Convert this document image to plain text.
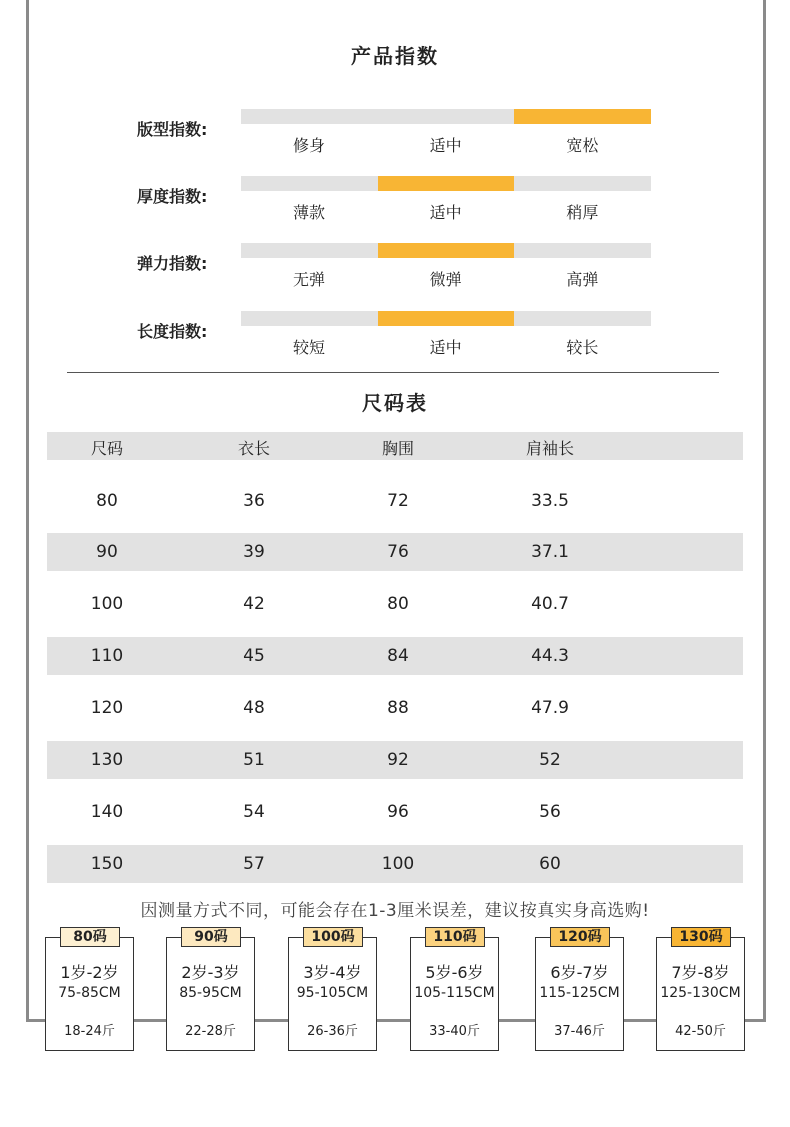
产品指数
版型指数:
修身	适中	宽松
厚度指数:
薄款	适中	稍厚
弹力指数:
无弹	微弹	高弹
长度指数:
较短	适中	较长
尺码表
尺码	衣长	胸围	肩袖长
80	36	72	33.5
90	39	76	37.1
100	42	80	40.7
110	45	84	44.3
120	48	88	47.9
130	51	92	52
140	54	96	56
150	57	100	60
因测量方式不同，可能会存在1-3厘米误差，建议按真实身高选购!
80码
1岁-2岁
75-85CM
18-24斤
90码
2岁-3岁
85-95CM
22-28斤
100码
3岁-4岁
95-105CM
26-36斤
110码
5岁-6岁
105-115CM
33-40斤
120码
6岁-7岁
115-125CM
37-46斤
130码
7岁-8岁
125-130CM
42-50斤
